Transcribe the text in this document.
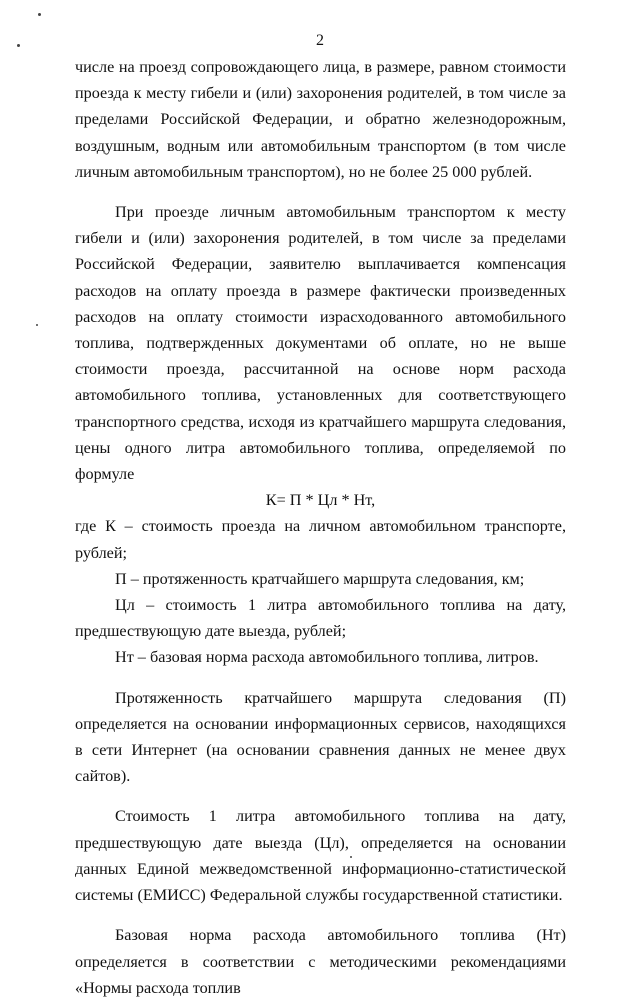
2

числе на проезд сопровождающего лица, в размере, равном стоимости проезда к месту гибели и (или) захоронения родителей, в том числе за пределами Российской Федерации, и обратно железнодорожным, воздушным, водным или автомобильным транспортом (в том числе личным автомобильным транспортом), но не более 25 000 рублей.

При проезде личным автомобильным транспортом к месту гибели и (или) захоронения родителей, в том числе за пределами Российской Федерации, заявителю выплачивается компенсация расходов на оплату проезда в размере фактически произведенных расходов на оплату стоимости израсходованного автомобильного топлива, подтвержденных документами об оплате, но не выше стоимости проезда, рассчитанной на основе норм расхода автомобильного топлива, установленных для соответствующего транспортного средства, исходя из кратчайшего маршрута следования, цены одного литра автомобильного топлива, определяемой по формуле

К= П * Цл * Нт,

где К – стоимость проезда на личном автомобильном транспорте, рублей;

П – протяженность кратчайшего маршрута следования, км;

Цл – стоимость 1 литра автомобильного топлива на дату, предшествующую дате выезда, рублей;

Нт – базовая норма расхода автомобильного топлива, литров.

Протяженность кратчайшего маршрута следования (П) определяется на основании информационных сервисов, находящихся в сети Интернет (на основании сравнения данных не менее двух сайтов).

Стоимость 1 литра автомобильного топлива на дату, предшествующую дате выезда (Цл), определяется на основании данных Единой межведомственной информационно-статистической системы (ЕМИСС) Федеральной службы государственной статистики.

Базовая норма расхода автомобильного топлива (Нт) определяется в соответствии с методическими рекомендациями «Нормы расхода топлив
